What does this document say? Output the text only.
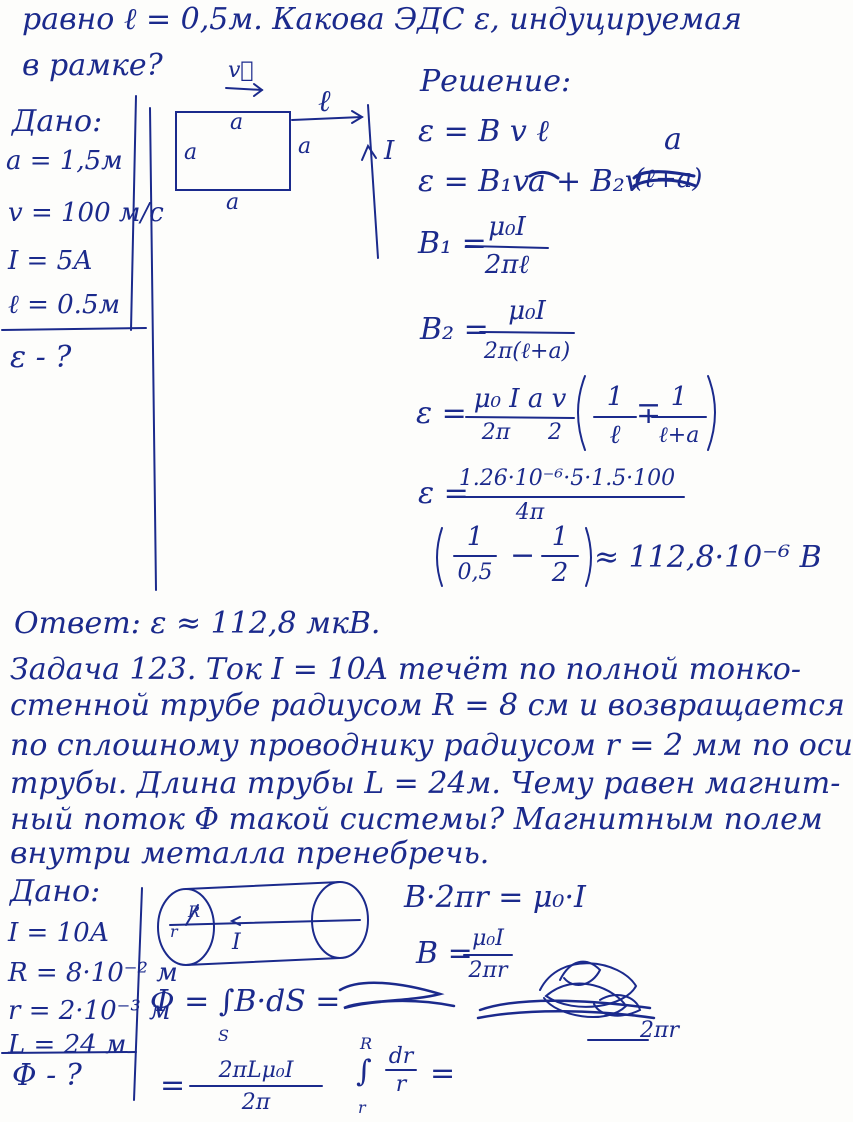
равно ℓ = 0,5м. Какова ЭДС ε, индуцируемая
в рамке?	v⃗
Дано:
a = 1,5м
v = 100 м/с
I = 5А
ℓ = 0.5м
ε - ?
a
a	a
a
ℓ
I
Решение:
ε = B v ℓ
ε = B₁v
a + B₂v
(ℓ+a)
a
B₁ = μ₀I
2πℓ
B₂ =
μ₀I
2π(ℓ+a)
ε = μ₀ I a v
2π	2
1
ℓ
∓ 1
ℓ+a
ε =
1.26·10⁻⁶·5·1.5·100
4π
1
0,5 −
1
2 ≈ 112,8·10⁻⁶ В
Ответ: ε ≈ 112,8 мкВ.
Задача 123. Ток I = 10А течёт по полной тонко-
стенной трубе радиусом R = 8 см и возвращается
по сплошному проводнику радиусом r = 2 мм по оси
трубы. Длина трубы L = 24м. Чему равен магнит-
ный поток Φ такой системы? Магнитным полем
внутри металла пренебречь.
Дано:
I = 10А
R = 8·10⁻² м
r = 2·10⁻³ м
L = 24 м
Φ - ?
R
r I
B·2πr = μ₀·I
B = μ₀I
2πr
Φ = ∫B·dS =
S	2πr
=	2πLμ₀I
2π
∫
R
r
dr
r =
